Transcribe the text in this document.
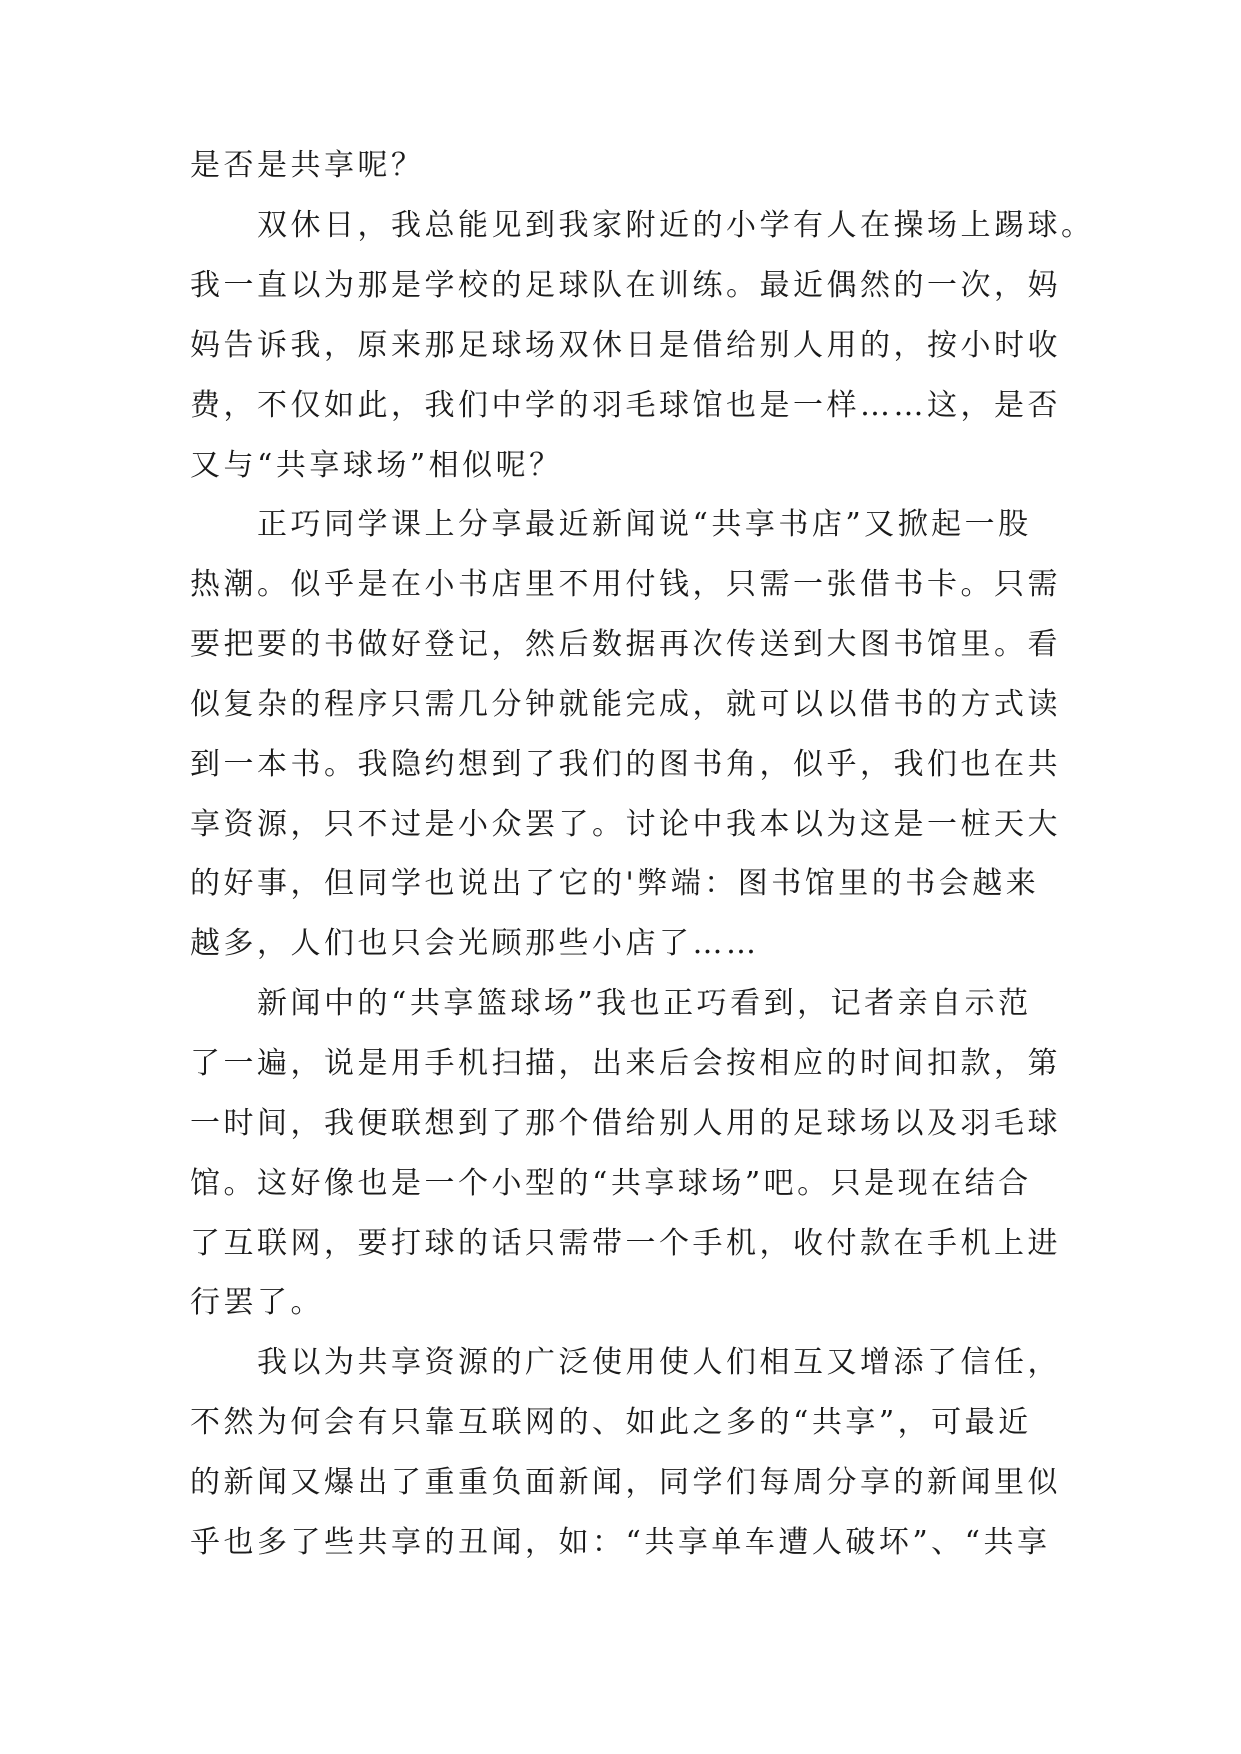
是否是共享呢？
　　双休日，我总能见到我家附近的小学有人在操场上踢球。
我一直以为那是学校的足球队在训练。最近偶然的一次，妈
妈告诉我，原来那足球场双休日是借给别人用的，按小时收
费，不仅如此，我们中学的羽毛球馆也是一样……这，是否
又与“共享球场”相似呢？
　　正巧同学课上分享最近新闻说“共享书店”又掀起一股
热潮。似乎是在小书店里不用付钱，只需一张借书卡。只需
要把要的书做好登记，然后数据再次传送到大图书馆里。看
似复杂的程序只需几分钟就能完成，就可以以借书的方式读
到一本书。我隐约想到了我们的图书角，似乎，我们也在共
享资源，只不过是小众罢了。讨论中我本以为这是一桩天大
的好事，但同学也说出了它的'弊端：图书馆里的书会越来
越多，人们也只会光顾那些小店了……
　　新闻中的“共享篮球场”我也正巧看到，记者亲自示范
了一遍，说是用手机扫描，出来后会按相应的时间扣款，第
一时间，我便联想到了那个借给别人用的足球场以及羽毛球
馆。这好像也是一个小型的“共享球场”吧。只是现在结合
了互联网，要打球的话只需带一个手机，收付款在手机上进
行罢了。
　　我以为共享资源的广泛使用使人们相互又增添了信任，
不然为何会有只靠互联网的、如此之多的“共享”，可最近
的新闻又爆出了重重负面新闻，同学们每周分享的新闻里似
乎也多了些共享的丑闻，如：“共享单车遭人破坏”、“共享
